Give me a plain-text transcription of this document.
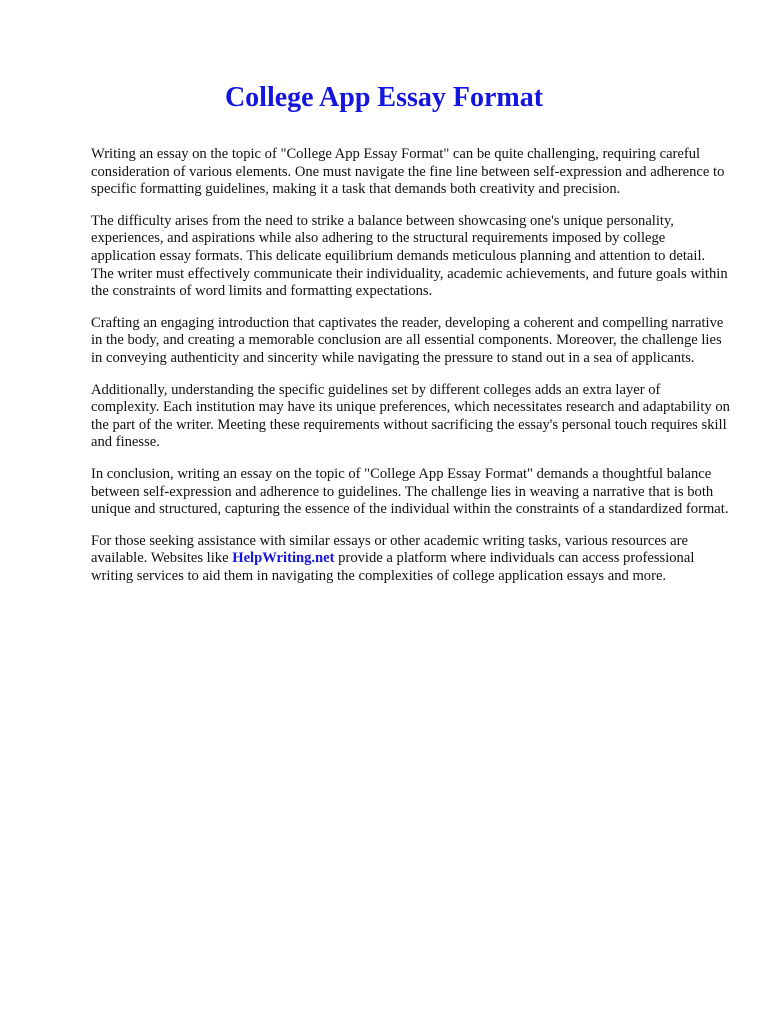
College App Essay Format

Writing an essay on the topic of "College App Essay Format" can be quite challenging, requiring careful consideration of various elements. One must navigate the fine line between self-expression and adherence to specific formatting guidelines, making it a task that demands both creativity and precision.

The difficulty arises from the need to strike a balance between showcasing one's unique personality, experiences, and aspirations while also adhering to the structural requirements imposed by college application essay formats. This delicate equilibrium demands meticulous planning and attention to detail. The writer must effectively communicate their individuality, academic achievements, and future goals within the constraints of word limits and formatting expectations.

Crafting an engaging introduction that captivates the reader, developing a coherent and compelling narrative in the body, and creating a memorable conclusion are all essential components. Moreover, the challenge lies in conveying authenticity and sincerity while navigating the pressure to stand out in a sea of applicants.

Additionally, understanding the specific guidelines set by different colleges adds an extra layer of complexity. Each institution may have its unique preferences, which necessitates research and adaptability on the part of the writer. Meeting these requirements without sacrificing the essay's personal touch requires skill and finesse.

In conclusion, writing an essay on the topic of "College App Essay Format" demands a thoughtful balance between self-expression and adherence to guidelines. The challenge lies in weaving a narrative that is both unique and structured, capturing the essence of the individual within the constraints of a standardized format.

For those seeking assistance with similar essays or other academic writing tasks, various resources are available. Websites like HelpWriting.net provide a platform where individuals can access professional writing services to aid them in navigating the complexities of college application essays and more.
